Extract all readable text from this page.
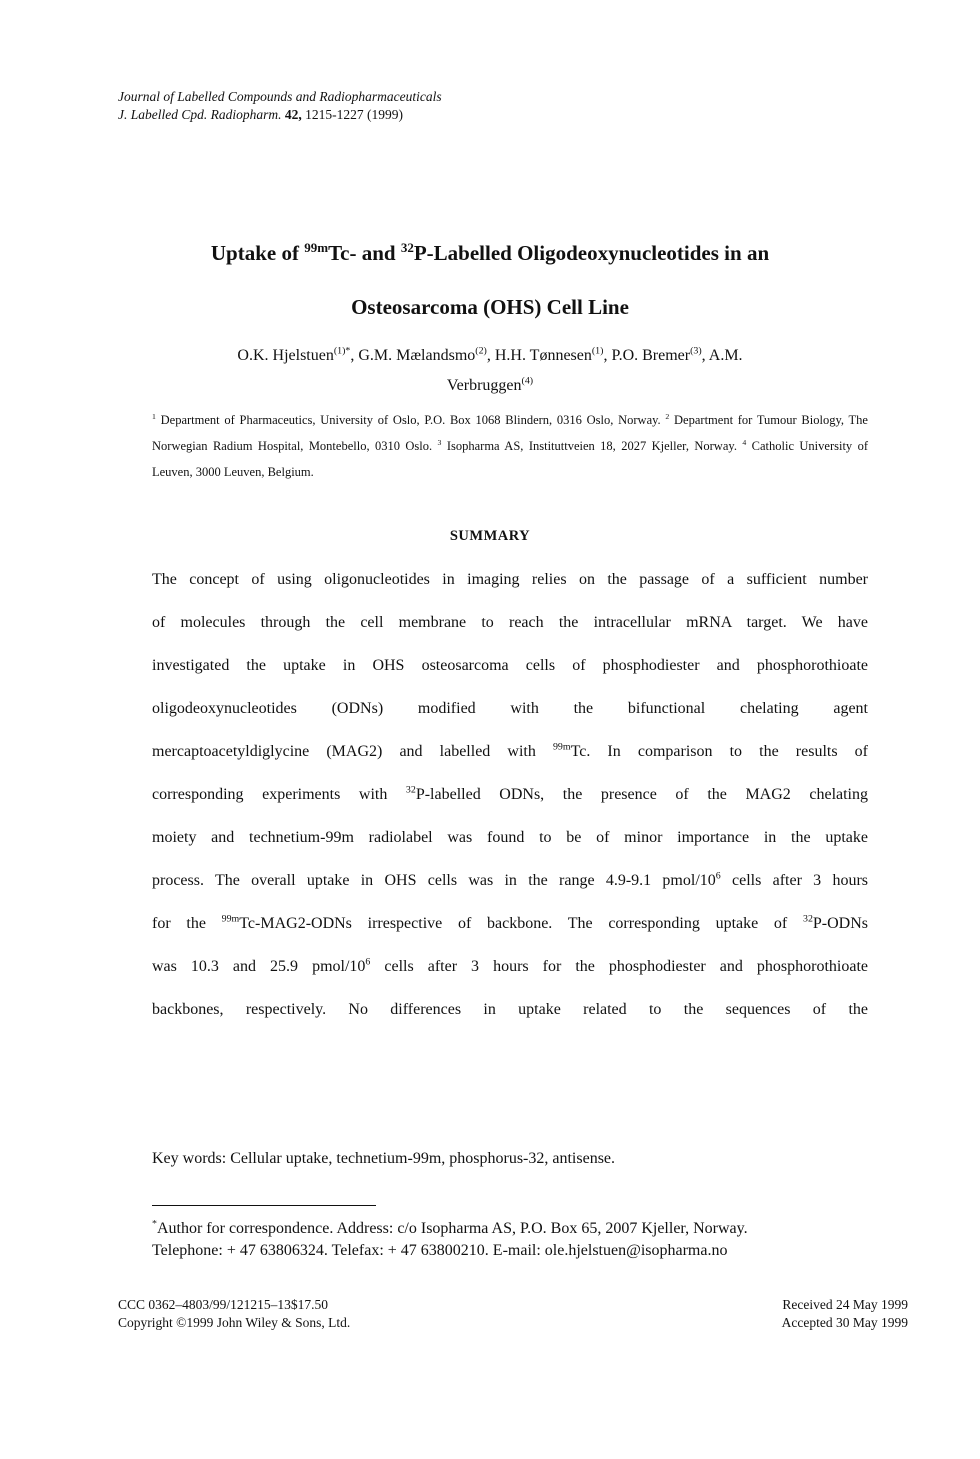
Journal of Labelled Compounds and Radiopharmaceuticals
J. Labelled Cpd. Radiopharm. 42, 1215-1227 (1999)
Uptake of $^{99m}$Tc- and $^{32}$P-Labelled Oligodeoxynucleotides in an
Osteosarcoma (OHS) Cell Line
O.K. Hjelstuen$^{(1)*}$, G.M. Mælandsmo$^{(2)}$, H.H. Tønnesen$^{(1)}$, P.O. Bremer$^{(3)}$, A.M.
Verbruggen$^{(4)}$
$^1$ Department of Pharmaceutics, University of Oslo, P.O. Box 1068 Blindern, 0316 Oslo, Norway. $^2$ Department for Tumour Biology, The Norwegian Radium Hospital, Montebello, 0310 Oslo. $^3$ Isopharma AS, Instituttveien 18, 2027 Kjeller, Norway. $^4$ Catholic University of Leuven, 3000 Leuven, Belgium.
SUMMARY
The concept of using oligonucleotides in imaging relies on the passage of a sufficient number
of molecules through the cell membrane to reach the intracellular mRNA target. We have
investigated the uptake in OHS osteosarcoma cells of phosphodiester and phosphorothioate
oligodeoxynucleotides (ODNs) modified with the bifunctional chelating agent
mercaptoacetyldiglycine (MAG2) and labelled with $^{99m}$Tc. In comparison to the results of
corresponding experiments with $^{32}$P-labelled ODNs, the presence of the MAG2 chelating
moiety and technetium-99m radiolabel was found to be of minor importance in the uptake
process. The overall uptake in OHS cells was in the range 4.9-9.1 pmol/$10^6$ cells after 3 hours
for the $^{99m}$Tc-MAG2-ODNs irrespective of backbone. The corresponding uptake of $^{32}$P-ODNs
was 10.3 and 25.9 pmol/$10^6$ cells after 3 hours for the phosphodiester and phosphorothioate
backbones, respectively. No differences in uptake related to the sequences of the
Key words: Cellular uptake, technetium-99m, phosphorus-32, antisense.
*Author for correspondence. Address: c/o Isopharma AS, P.O. Box 65, 2007 Kjeller, Norway.
Telephone: + 47 63806324. Telefax: + 47 63800210. E-mail: ole.hjelstuen@isopharma.no
CCC 0362–4803/99/121215–13$17.50
Copyright ©1999 John Wiley & Sons, Ltd.
Received 24 May 1999
Accepted 30 May 1999
